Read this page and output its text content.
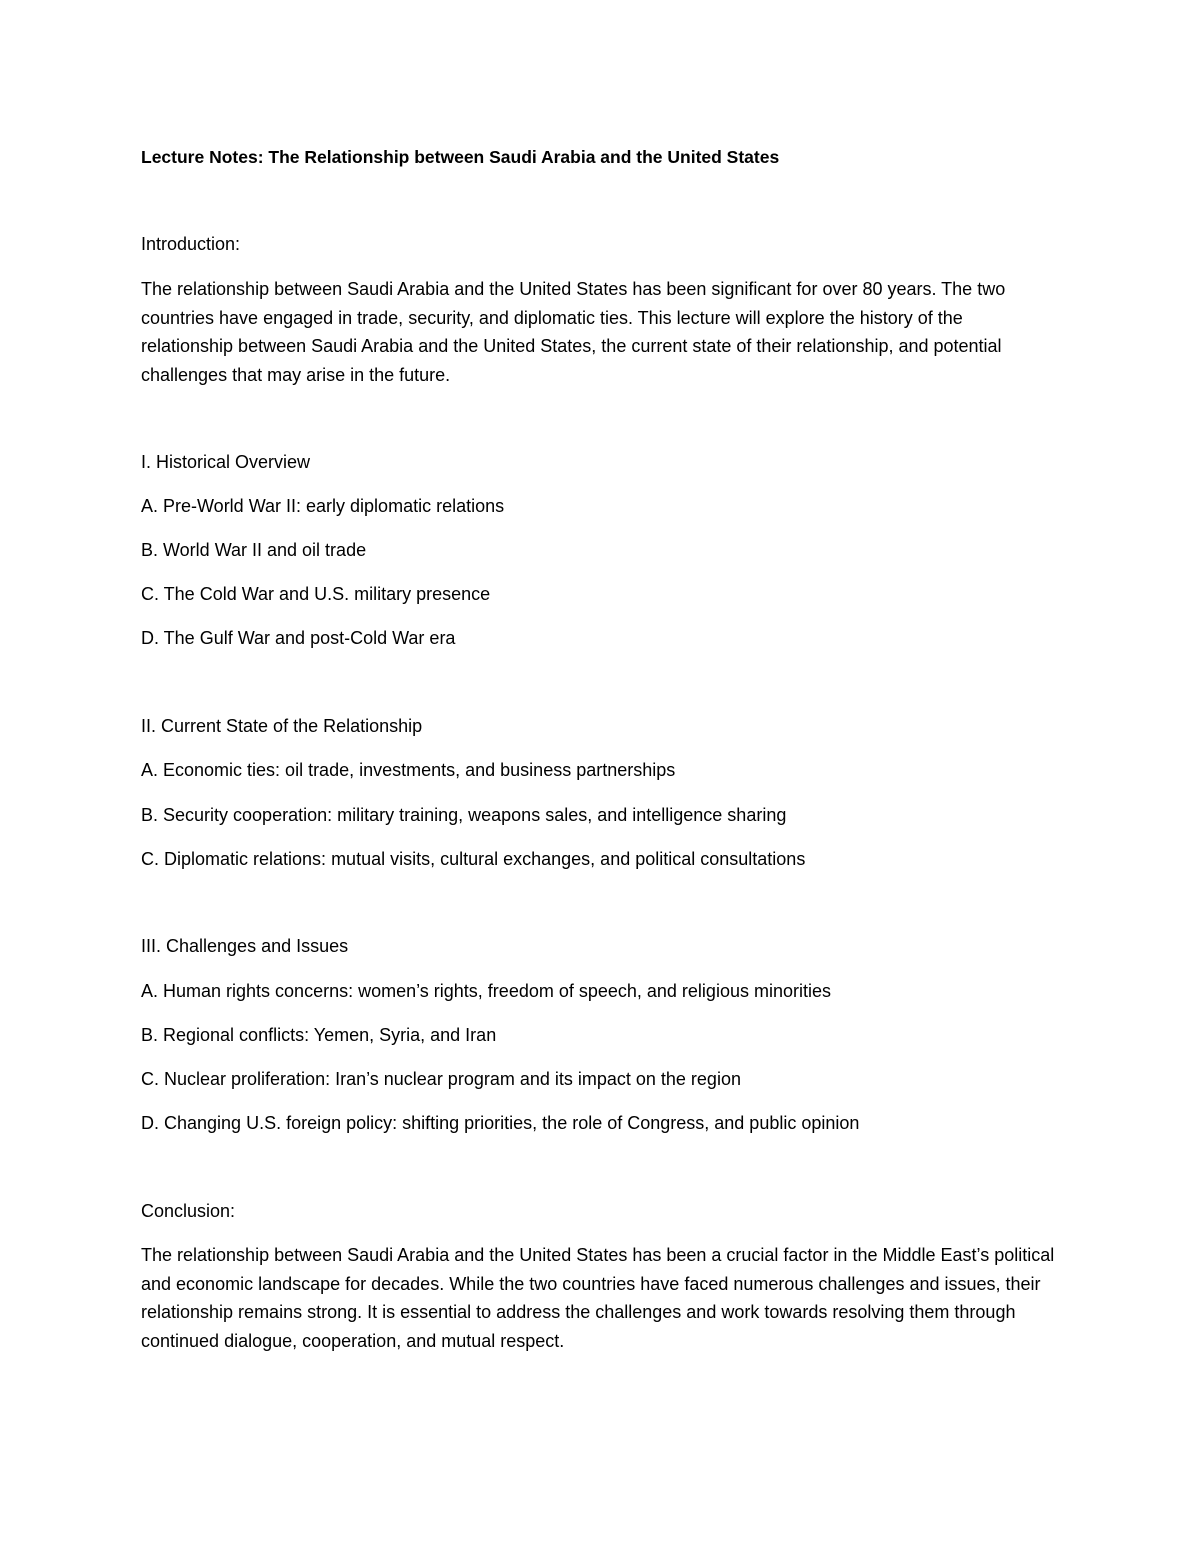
Lecture Notes: The Relationship between Saudi Arabia and the United States

Introduction:

The relationship between Saudi Arabia and the United States has been significant for over 80 years. The two countries have engaged in trade, security, and diplomatic ties. This lecture will explore the history of the relationship between Saudi Arabia and the United States, the current state of their relationship, and potential challenges that may arise in the future.

I. Historical Overview

A. Pre-World War II: early diplomatic relations

B. World War II and oil trade

C. The Cold War and U.S. military presence

D. The Gulf War and post-Cold War era

II. Current State of the Relationship

A. Economic ties: oil trade, investments, and business partnerships

B. Security cooperation: military training, weapons sales, and intelligence sharing

C. Diplomatic relations: mutual visits, cultural exchanges, and political consultations

III. Challenges and Issues

A. Human rights concerns: women’s rights, freedom of speech, and religious minorities

B. Regional conflicts: Yemen, Syria, and Iran

C. Nuclear proliferation: Iran’s nuclear program and its impact on the region

D. Changing U.S. foreign policy: shifting priorities, the role of Congress, and public opinion

Conclusion:

The relationship between Saudi Arabia and the United States has been a crucial factor in the Middle East’s political and economic landscape for decades. While the two countries have faced numerous challenges and issues, their relationship remains strong. It is essential to address the challenges and work towards resolving them through continued dialogue, cooperation, and mutual respect.
